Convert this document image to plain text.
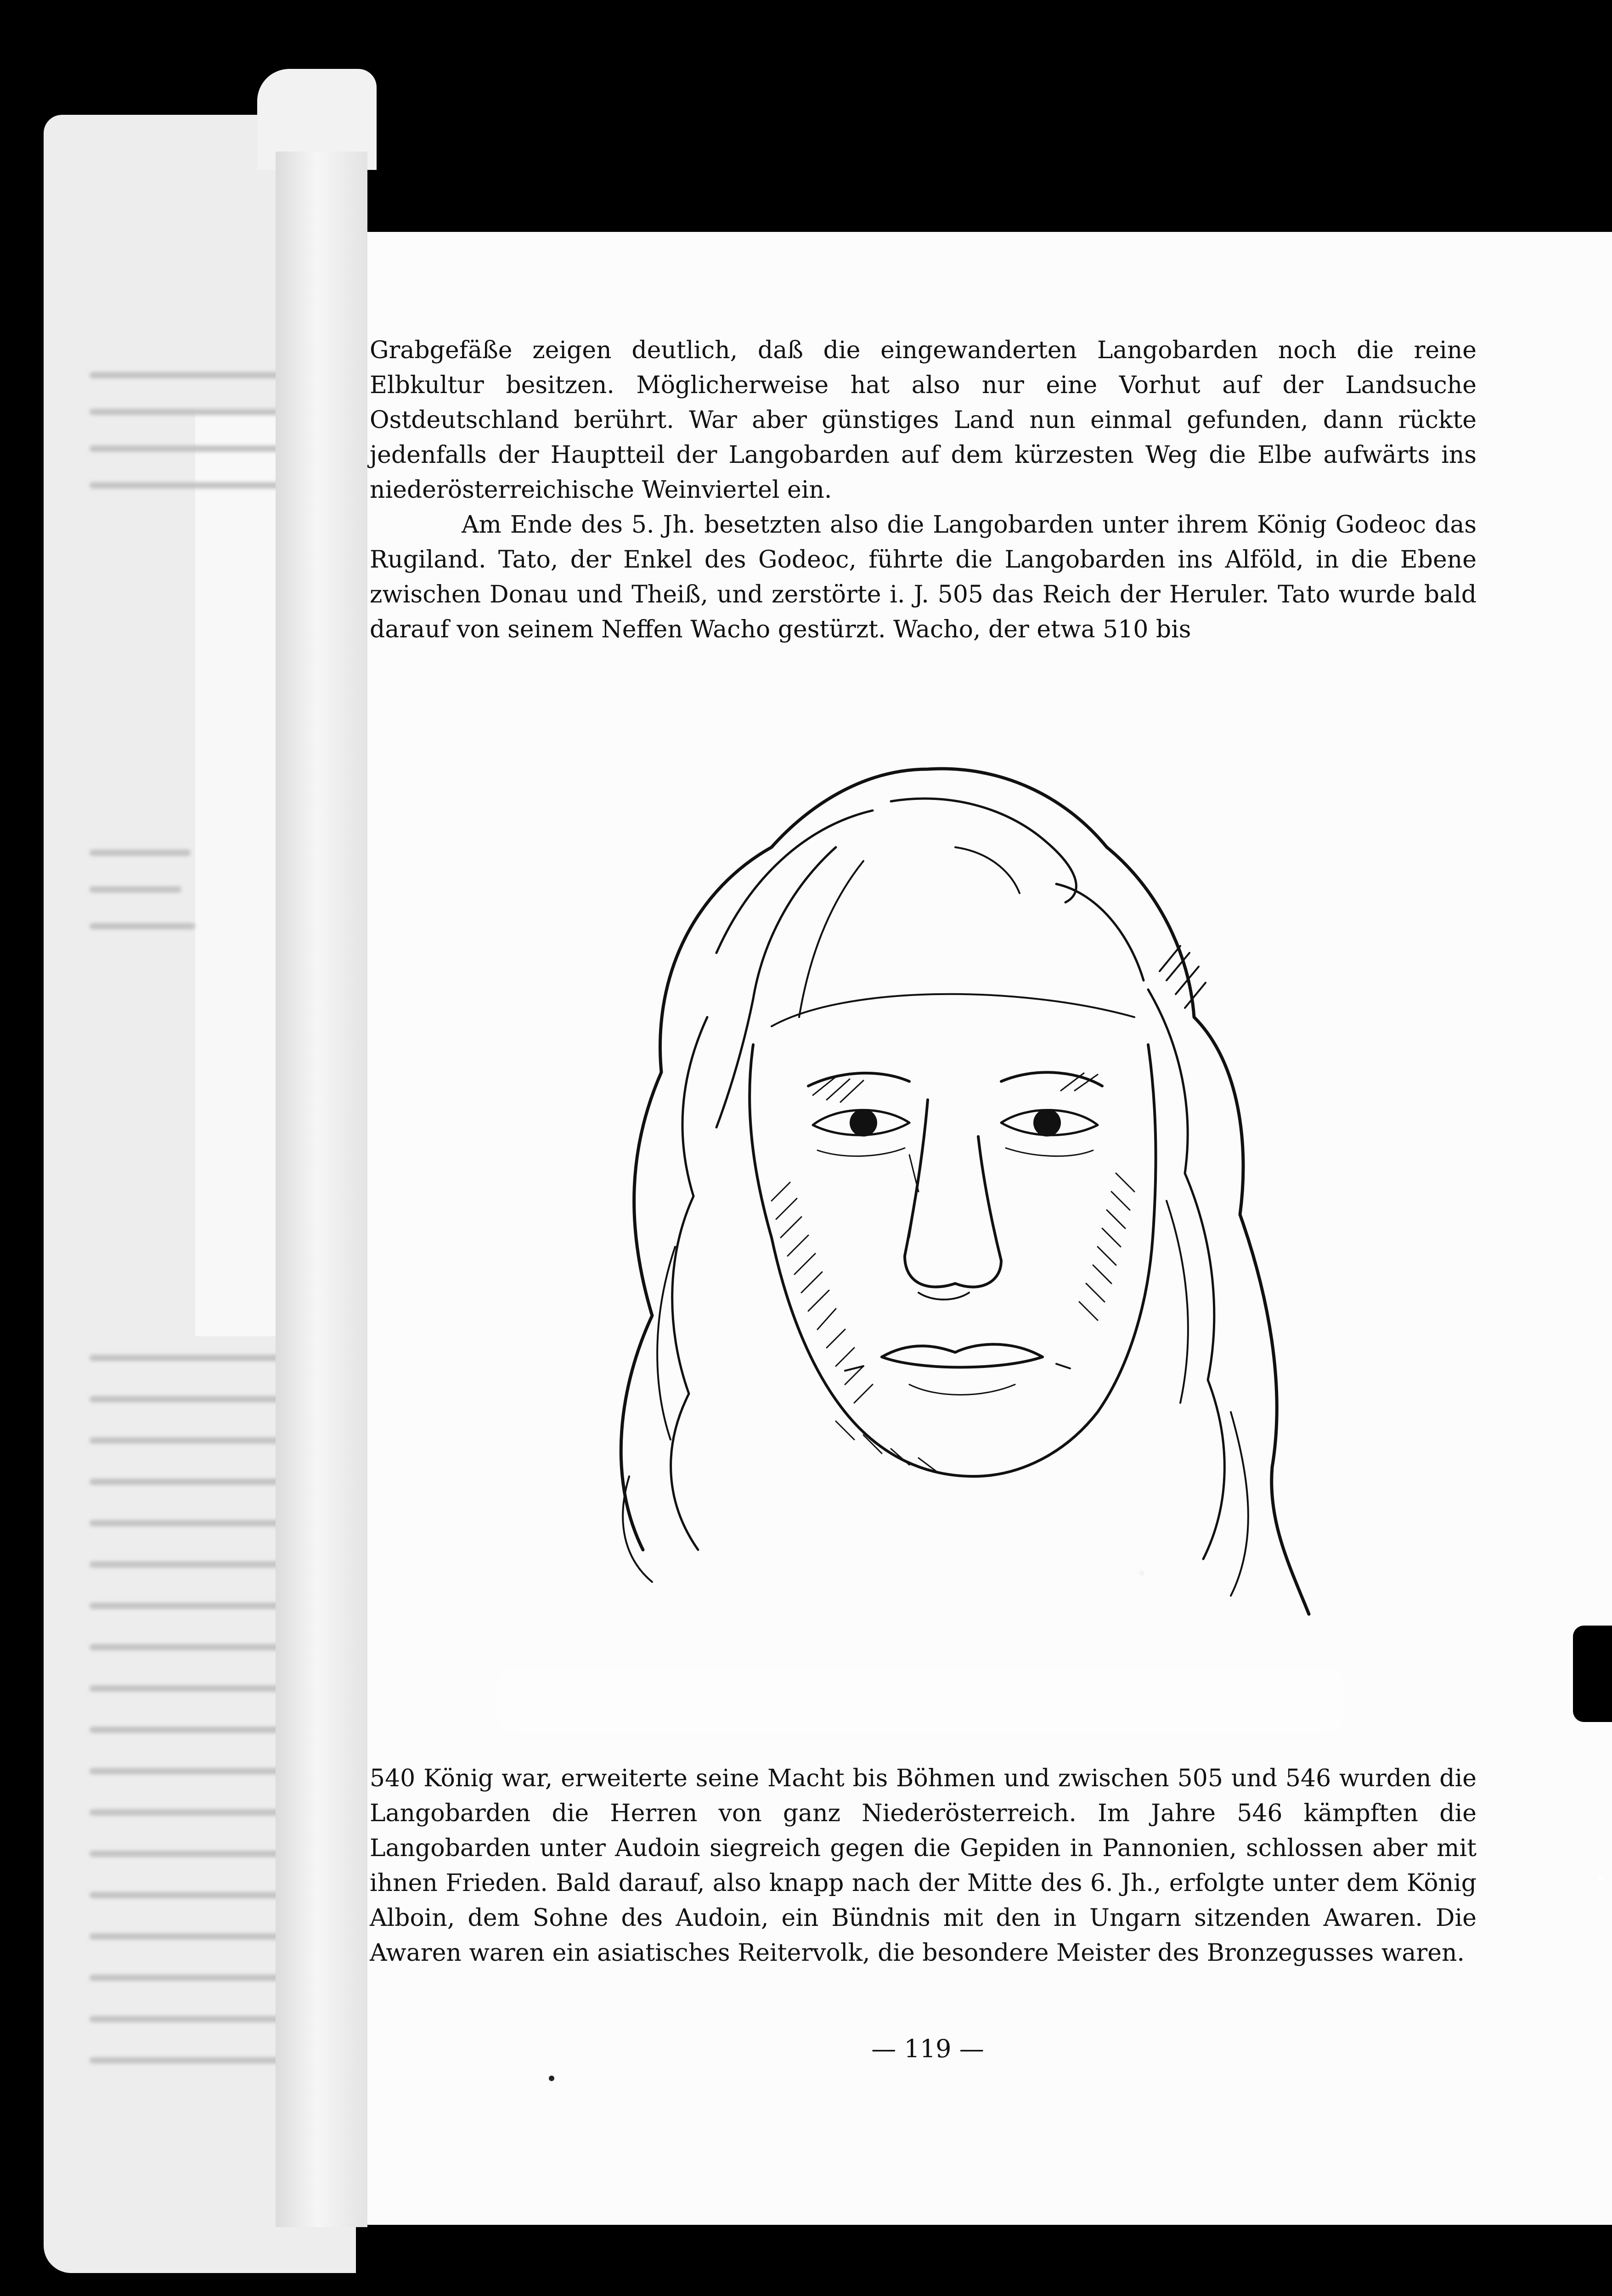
Grabgefäße zeigen deutlich, daß die eingewanderten Langobarden noch die reine Elbkultur besitzen. Möglicherweise hat also nur eine Vorhut auf der Landsuche Ostdeutschland berührt. War aber günstiges Land nun einmal gefunden, dann rückte jedenfalls der Hauptteil der Langobarden auf dem kürzesten Weg die Elbe aufwärts ins niederösterreichische Weinviertel ein.

Am Ende des 5. Jh. besetzten also die Langobarden unter ihrem König Godeoc das Rugiland. Tato, der Enkel des Godeoc, führte die Langobarden ins Alföld, in die Ebene zwischen Donau und Theiß, und zerstörte i. J. 505 das Reich der Heruler. Tato wurde bald darauf von seinem Neffen Wacho gestürzt. Wacho, der etwa 510 bis

540 König war, erweiterte seine Macht bis Böhmen und zwischen 505 und 546 wurden die Langobarden die Herren von ganz Niederösterreich. Im Jahre 546 kämpften die Langobarden unter Audoin siegreich gegen die Gepiden in Pannonien, schlossen aber mit ihnen Frieden. Bald darauf, also knapp nach der Mitte des 6. Jh., erfolgte unter dem König Alboin, dem Sohne des Audoin, ein Bündnis mit den in Ungarn sitzenden Awaren. Die Awaren waren ein asiatisches Reitervolk, die besondere Meister des Bronzegusses waren.

— 119 —
